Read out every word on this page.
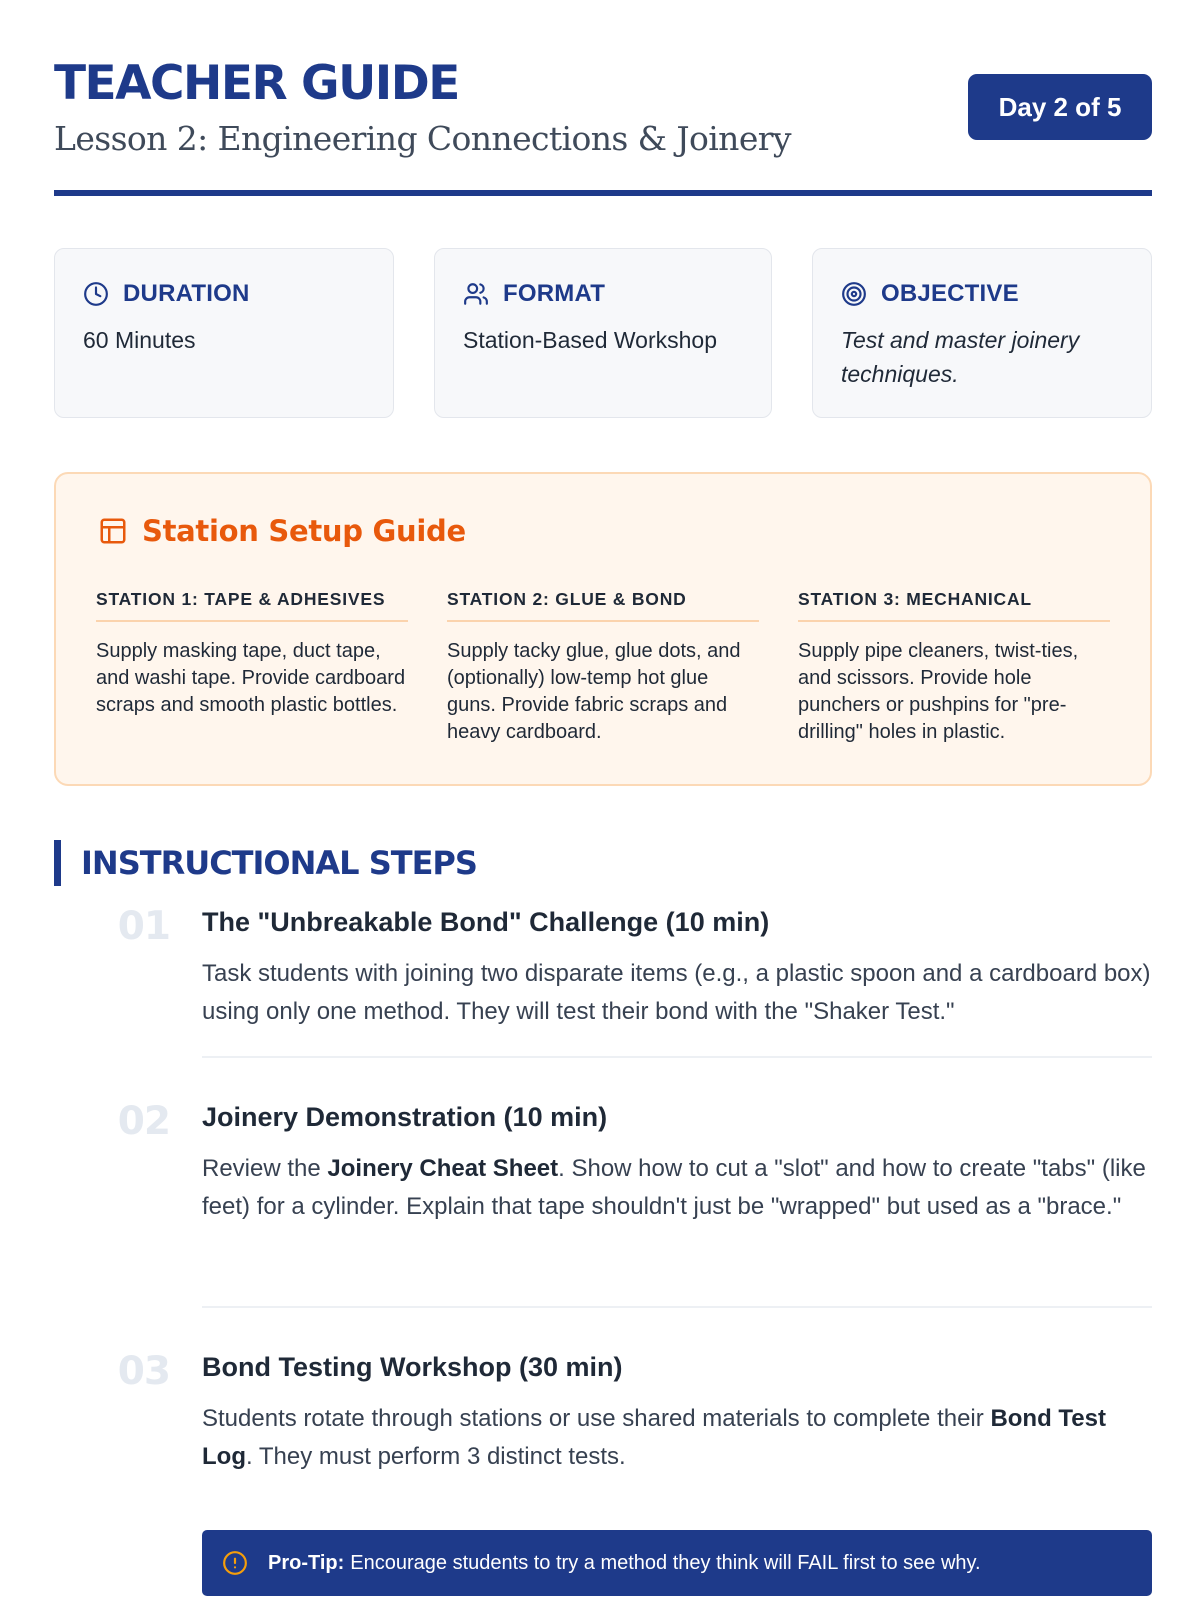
TEACHER GUIDE
Lesson 2: Engineering Connections & Joinery
Day 2 of 5
DURATION
60 Minutes
FORMAT
Station-Based Workshop
OBJECTIVE
Test and master joinery techniques.
Station Setup Guide
STATION 1: TAPE & ADHESIVES
Supply masking tape, duct tape, and washi tape. Provide cardboard scraps and smooth plastic bottles.
STATION 2: GLUE & BOND
Supply tacky glue, glue dots, and (optionally) low-temp hot glue guns. Provide fabric scraps and heavy cardboard.
STATION 3: MECHANICAL
Supply pipe cleaners, twist-ties, and scissors. Provide hole punchers or pushpins for "pre-drilling" holes in plastic.
INSTRUCTIONAL STEPS
01 The "Unbreakable Bond" Challenge (10 min)
Task students with joining two disparate items (e.g., a plastic spoon and a cardboard box) using only one method. They will test their bond with the "Shaker Test."
02 Joinery Demonstration (10 min)
Review the Joinery Cheat Sheet. Show how to cut a "slot" and how to create "tabs" (like feet) for a cylinder. Explain that tape shouldn't just be "wrapped" but used as a "brace."
03 Bond Testing Workshop (30 min)
Students rotate through stations or use shared materials to complete their Bond Test Log. They must perform 3 distinct tests.
Pro-Tip: Encourage students to try a method they think will FAIL first to see why.
